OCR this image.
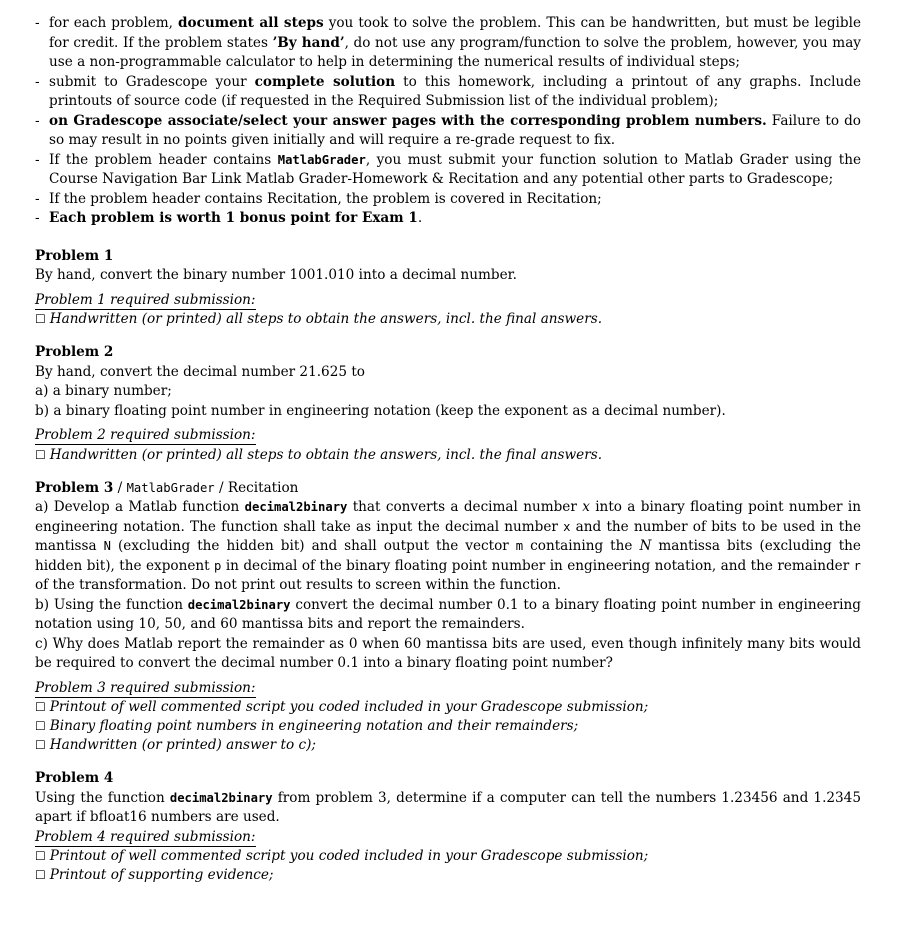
- for each problem, document all steps you took to solve the problem. This can be handwritten, but must be legible for credit. If the problem states ’By hand’, do not use any program/function to solve the problem, however, you may use a non-programmable calculator to help in determining the numerical results of individual steps;
- submit to Gradescope your complete solution to this homework, including a printout of any graphs. Include printouts of source code (if requested in the Required Submission list of the individual problem);
- on Gradescope associate/select your answer pages with the corresponding problem numbers. Failure to do so may result in no points given initially and will require a re-grade request to fix.
- If the problem header contains MatlabGrader, you must submit your function solution to Matlab Grader using the Course Navigation Bar Link Matlab Grader-Homework & Recitation and any potential other parts to Gradescope;
- If the problem header contains Recitation, the problem is covered in Recitation;
- Each problem is worth 1 bonus point for Exam 1.
Problem 1

By hand, convert the binary number 1001.010 into a decimal number.

Problem 1 required submission:
☐ Handwritten (or printed) all steps to obtain the answers, incl. the final answers.
Problem 2

By hand, convert the decimal number 21.625 to

a) a binary number;

b) a binary floating point number in engineering notation (keep the exponent as a decimal number).

Problem 2 required submission:
☐ Handwritten (or printed) all steps to obtain the answers, incl. the final answers.
Problem 3 / MatlabGrader / Recitation

a) Develop a Matlab function decimal2binary that converts a decimal number x into a binary floating point number in engineering notation. The function shall take as input the decimal number x and the number of bits to be used in the mantissa N (excluding the hidden bit) and shall output the vector m containing the N mantissa bits (excluding the hidden bit), the exponent p in decimal of the binary floating point number in engineering notation, and the remainder r of the transformation. Do not print out results to screen within the function.

b) Using the function decimal2binary convert the decimal number 0.1 to a binary floating point number in engineering notation using 10, 50, and 60 mantissa bits and report the remainders.

c) Why does Matlab report the remainder as 0 when 60 mantissa bits are used, even though infinitely many bits would be required to convert the decimal number 0.1 into a binary floating point number?

Problem 3 required submission:
☐ Printout of well commented script you coded included in your Gradescope submission;
☐ Binary floating point numbers in engineering notation and their remainders;
☐ Handwritten (or printed) answer to c);
Problem 4

Using the function decimal2binary from problem 3, determine if a computer can tell the numbers 1.23456 and 1.2345 apart if bfloat16 numbers are used.

Problem 4 required submission:
☐ Printout of well commented script you coded included in your Gradescope submission;
☐ Printout of supporting evidence;
